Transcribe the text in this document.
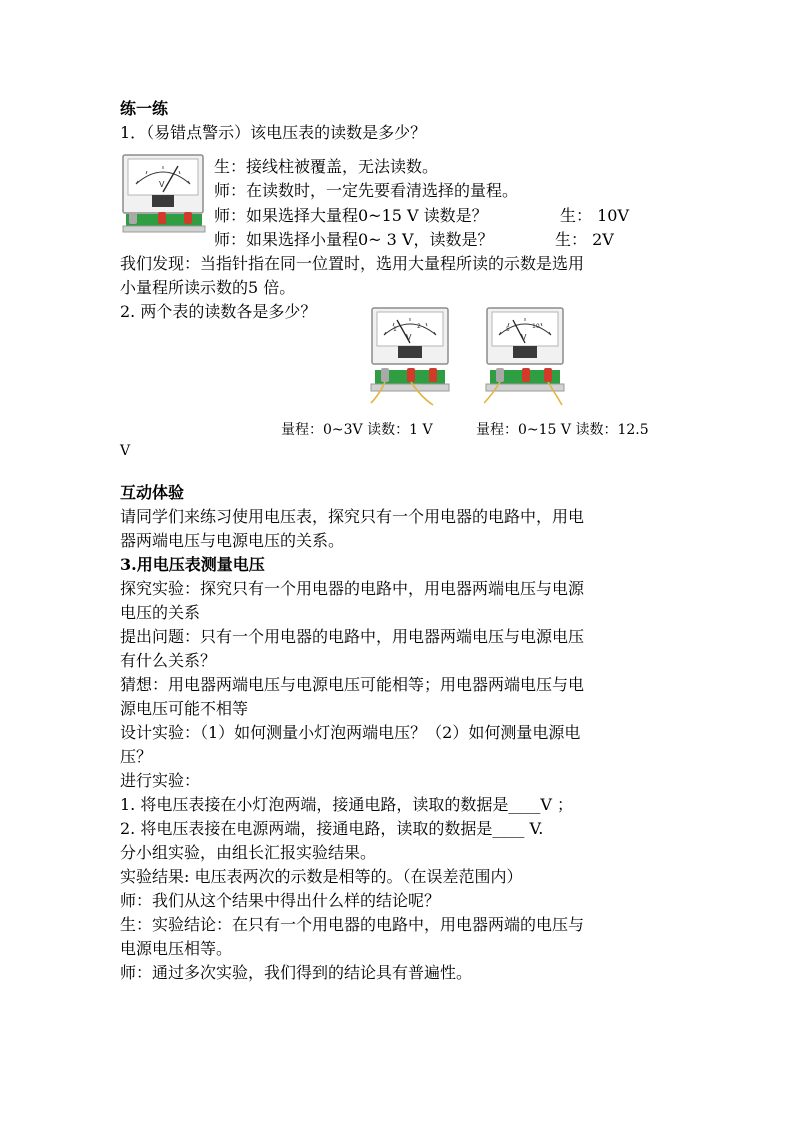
练一练
1．（易错点警示）该电压表的读数是多少？
V
生：接线柱被覆盖，无法读数。
师：在读数时，一定先要看清选择的量程。
师：如果选择大量程0~15 V 读数是？	生： 10V
师：如果选择小量程0~ 3 V，读数是？	生： 2V
我们发现：当指针指在同一位置时，选用大量程所读的示数是选用
小量程所读示数的5 倍。
2. 两个表的读数各是多少？
1	2
V
5	10
V
量程：0~3V 读数：1 V	量程：0~15 V 读数：12.5
V
互动体验
请同学们来练习使用电压表，探究只有一个用电器的电路中，用电
器两端电压与电源电压的关系。
3.用电压表测量电压
探究实验：探究只有一个用电器的电路中，用电器两端电压与电源
电压的关系
提出问题：只有一个用电器的电路中，用电器两端电压与电源电压
有什么关系？
猜想：用电器两端电压与电源电压可能相等；用电器两端电压与电
源电压可能不相等
设计实验：（1）如何测量小灯泡两端电压？（2）如何测量电源电
压？
进行实验：
1. 将电压表接在小灯泡两端，接通电路，读取的数据是____V ；
2. 将电压表接在电源两端，接通电路，读取的数据是____ V.
分小组实验，由组长汇报实验结果。
实验结果: 电压表两次的示数是相等的。（在误差范围内）
师：我们从这个结果中得出什么样的结论呢？
生：实验结论：在只有一个用电器的电路中，用电器两端的电压与
电源电压相等。
师：通过多次实验，我们得到的结论具有普遍性。
